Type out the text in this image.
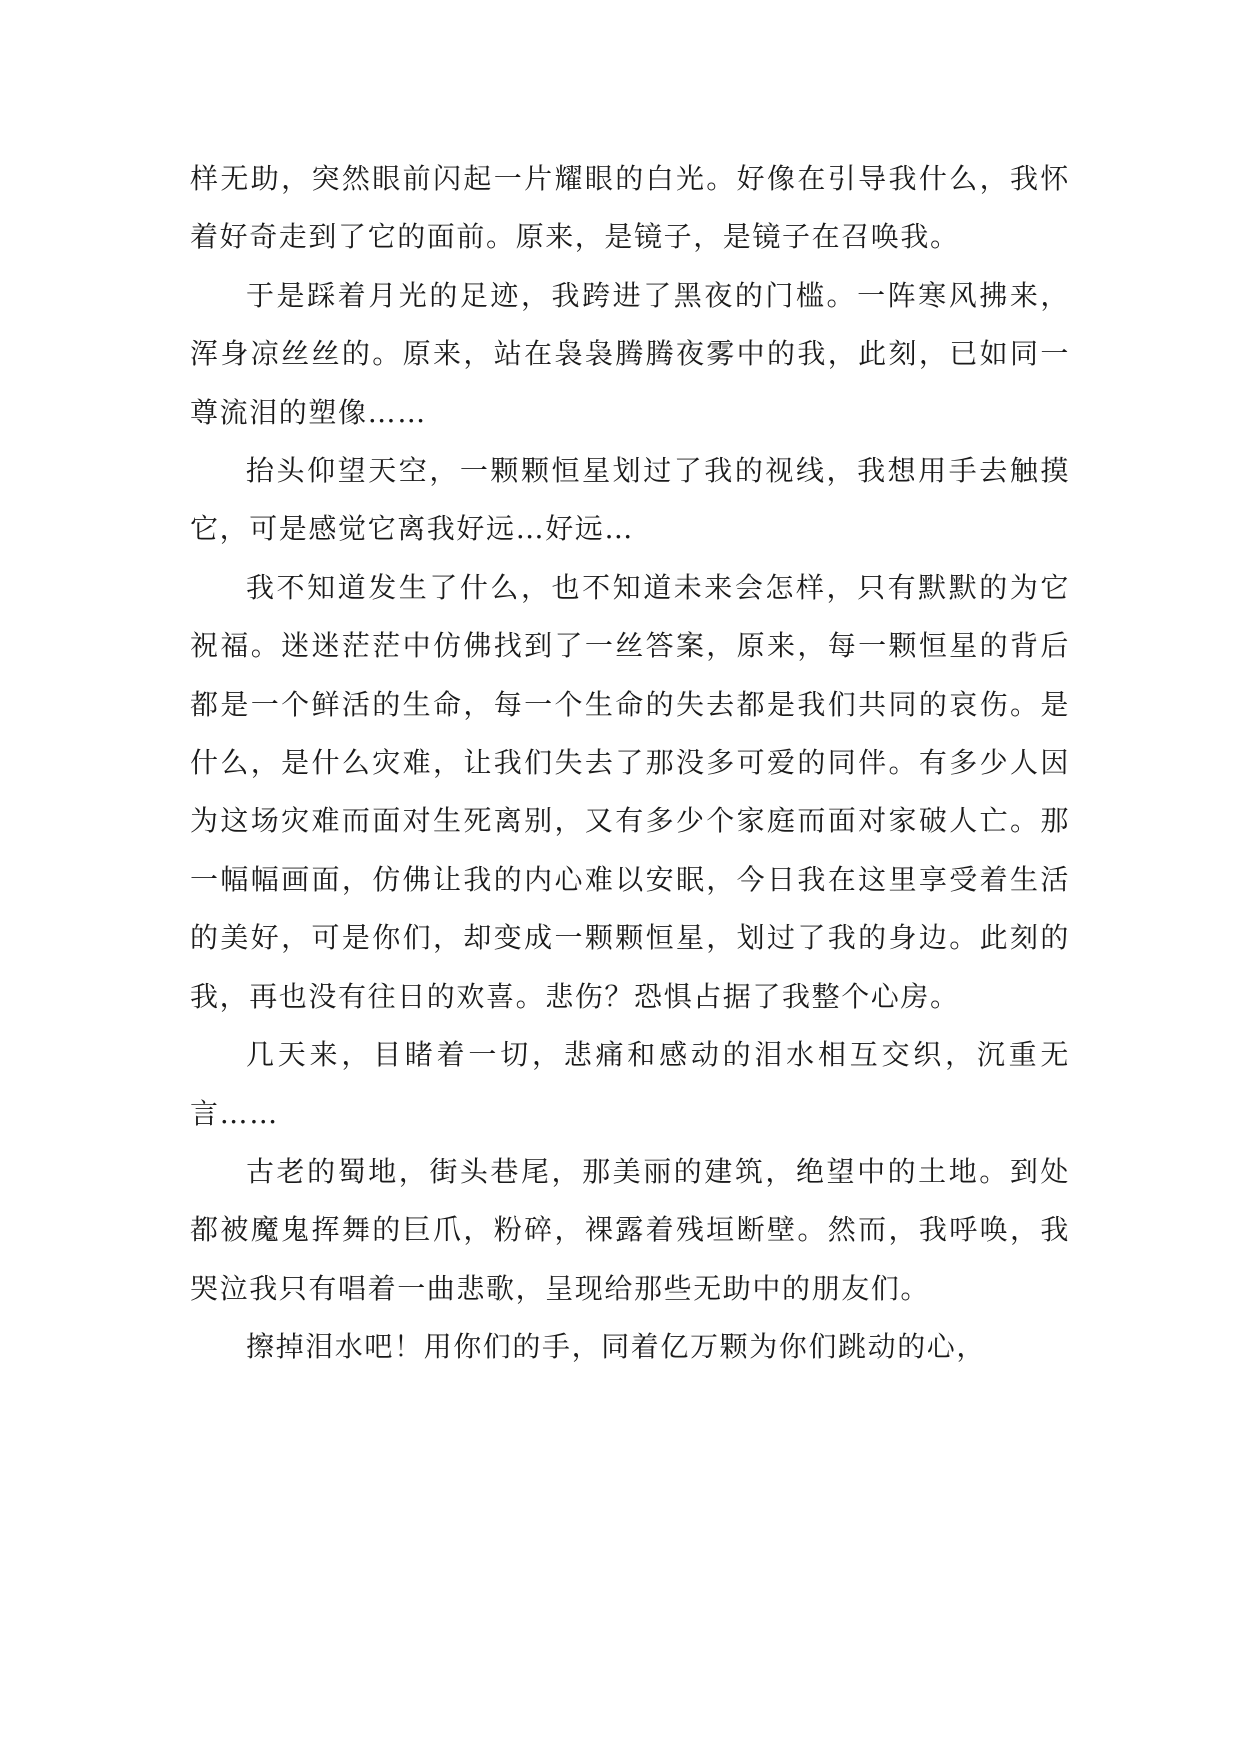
样无助，突然眼前闪起一片耀眼的白光。好像在引导我什么，我怀着好奇走到了它的面前。原来，是镜子，是镜子在召唤我。

于是踩着月光的足迹，我跨进了黑夜的门槛。一阵寒风拂来，浑身凉丝丝的。原来，站在袅袅腾腾夜雾中的我，此刻，已如同一尊流泪的塑像……

抬头仰望天空，一颗颗恒星划过了我的视线，我想用手去触摸它，可是感觉它离我好远…好远…

我不知道发生了什么，也不知道未来会怎样，只有默默的为它祝福。迷迷茫茫中仿佛找到了一丝答案，原来，每一颗恒星的背后都是一个鲜活的生命，每一个生命的失去都是我们共同的哀伤。是什么，是什么灾难，让我们失去了那没多可爱的同伴。有多少人因为这场灾难而面对生死离别，又有多少个家庭而面对家破人亡。那一幅幅画面，仿佛让我的内心难以安眠，今日我在这里享受着生活的美好，可是你们，却变成一颗颗恒星，划过了我的身边。此刻的我，再也没有往日的欢喜。悲伤？恐惧占据了我整个心房。

几天来，目睹着一切，悲痛和感动的泪水相互交织，沉重无言……

古老的蜀地，街头巷尾，那美丽的建筑，绝望中的土地。到处都被魔鬼挥舞的巨爪，粉碎，裸露着残垣断壁。然而，我呼唤，我哭泣我只有唱着一曲悲歌，呈现给那些无助中的朋友们。

擦掉泪水吧！用你们的手，同着亿万颗为你们跳动的心，
